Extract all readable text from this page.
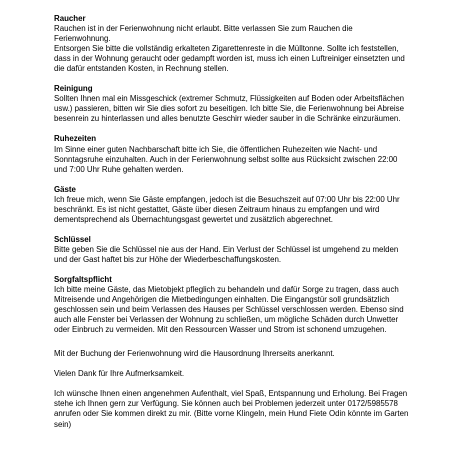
Raucher

Rauchen ist in der Ferienwohnung nicht erlaubt. Bitte verlassen Sie zum Rauchen die Ferienwohnung.

Entsorgen Sie bitte die vollständig erkalteten Zigarettenreste in die Mülltonne. Sollte ich feststellen, dass in der Wohnung geraucht oder gedampft worden ist, muss ich einen Luftreiniger einsetzten und die dafür entstanden Kosten, in Rechnung stellen.

Reinigung

Sollten Ihnen mal ein Missgeschick (extremer Schmutz, Flüssigkeiten auf Boden oder Arbeitsflächen usw.) passieren, bitten wir Sie dies sofort zu beseitigen. Ich bitte Sie, die Ferienwohnung bei Abreise besenrein zu hinterlassen und alles benutzte Geschirr wieder sauber in die Schränke einzuräumen.

Ruhezeiten

Im Sinne einer guten Nachbarschaft bitte ich Sie, die öffentlichen Ruhezeiten wie Nacht- und Sonntagsruhe einzuhalten. Auch in der Ferienwohnung selbst sollte aus Rücksicht zwischen 22:00 und 7:00 Uhr Ruhe gehalten werden.

Gäste

Ich freue mich, wenn Sie Gäste empfangen, jedoch ist die Besuchszeit auf 07:00 Uhr bis 22:00 Uhr beschränkt. Es ist nicht gestattet, Gäste über diesen Zeitraum hinaus zu empfangen und wird dementsprechend als Übernachtungsgast gewertet und zusätzlich abgerechnet.

Schlüssel

Bitte geben Sie die Schlüssel nie aus der Hand. Ein Verlust der Schlüssel ist umgehend zu melden und der Gast haftet bis zur Höhe der Wiederbeschaffungskosten.

Sorgfaltspflicht

Ich bitte meine Gäste, das Mietobjekt pfleglich zu behandeln und dafür Sorge zu tragen, dass auch Mitreisende und Angehörigen die Mietbedingungen einhalten. Die Eingangstür soll grundsätzlich geschlossen sein und beim Verlassen des Hauses per Schlüssel verschlossen werden. Ebenso sind auch alle Fenster bei Verlassen der Wohnung zu schließen, um mögliche Schäden durch Unwetter oder Einbruch zu vermeiden. Mit den Ressourcen Wasser und Strom ist schonend umzugehen.

Mit der Buchung der Ferienwohnung wird die Hausordnung Ihrerseits anerkannt.

Vielen Dank für Ihre Aufmerksamkeit.

Ich wünsche Ihnen einen angenehmen Aufenthalt, viel Spaß, Entspannung und Erholung. Bei Fragen stehe ich Ihnen gern zur Verfügung. Sie können auch bei Problemen jederzeit unter 0172/5985578 anrufen oder Sie kommen direkt zu mir. (Bitte vorne Klingeln, mein Hund Fiete Odin könnte im Garten sein)
